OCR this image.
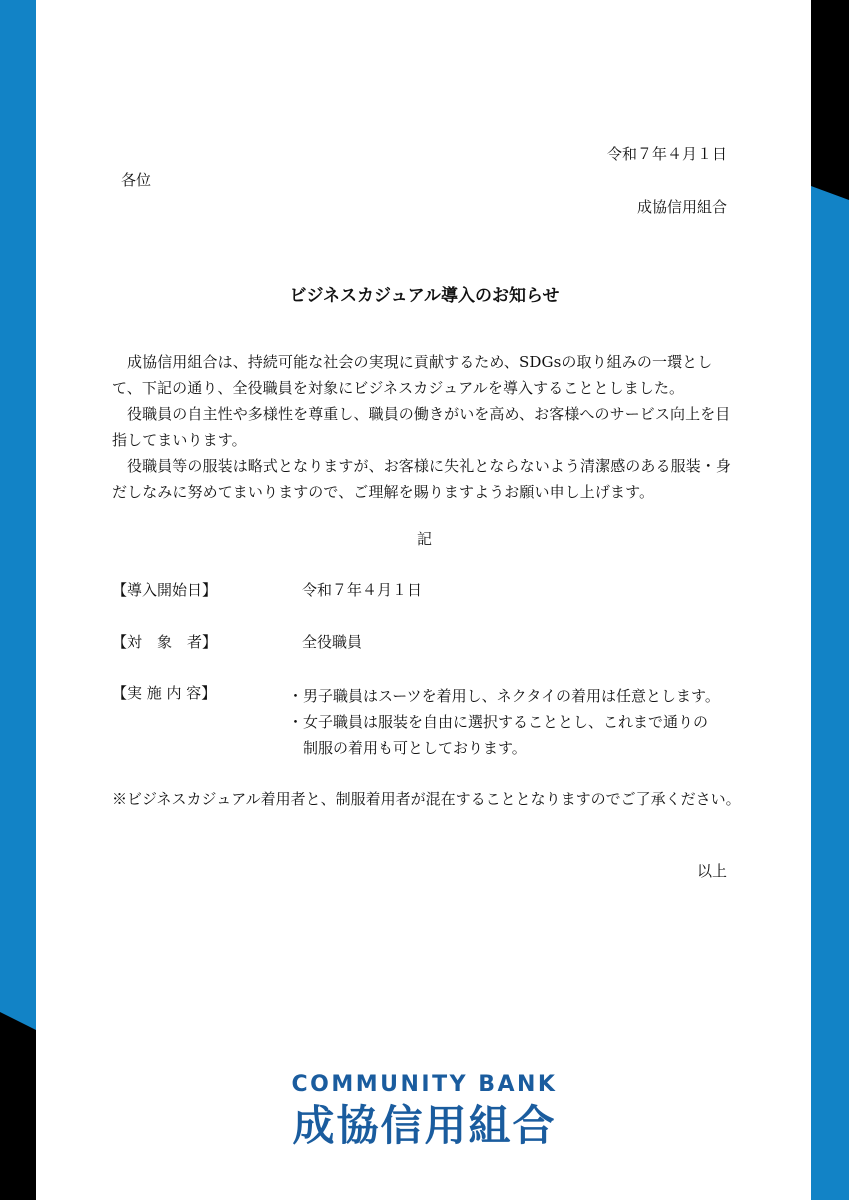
令和７年４月１日

各位

成協信用組合

ビジネスカジュアル導入のお知らせ

成協信用組合は、持続可能な社会の実現に貢献するため、SDGsの取り組みの一環として、下記の通り、全役職員を対象にビジネスカジュアルを導入することとしました。

役職員の自主性や多様性を尊重し、職員の働きがいを高め、お客様へのサービス向上を目指してまいります。

役職員等の服装は略式となりますが、お客様に失礼とならないよう清潔感のある服装・身だしなみに努めてまいりますので、ご理解を賜りますようお願い申し上げます。

記

【導入開始日】	令和７年４月１日

【対　象　者】	全役職員

【実 施 内 容】	・男子職員はスーツを着用し、ネクタイの着用は任意とします。

・女子職員は服装を自由に選択することとし、これまで通りの

　制服の着用も可としております。

※ビジネスカジュアル着用者と、制服着用者が混在することとなりますのでご了承ください。

以上

COMMUNITY BANK
成協信用組合
